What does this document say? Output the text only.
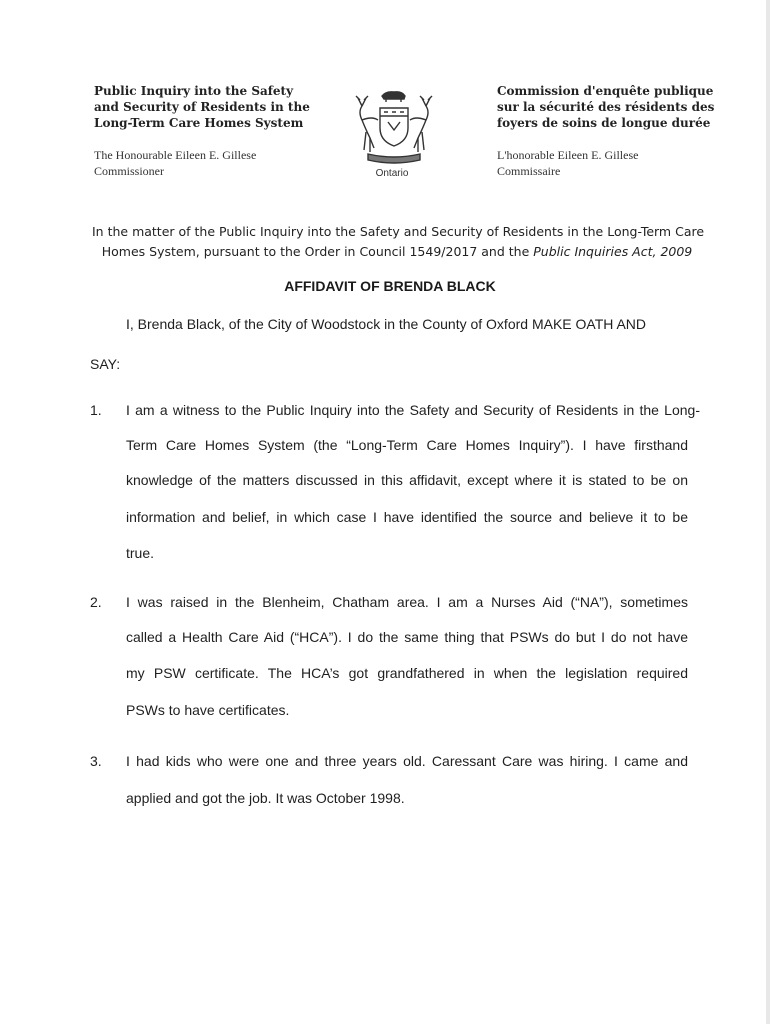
Public Inquiry into the Safety
and Security of Residents in the
Long-Term Care Homes System
The Honourable Eileen E. Gillese
Commissioner	Ontario
Commission d'enquête publique
sur la sécurité des résidents des
foyers de soins de longue durée
L'honorable Eileen E. Gillese
Commissaire
In the matter of the Public Inquiry into the Safety and Security of Residents in the Long-Term Care
Homes System, pursuant to the Order in Council 1549/2017 and the Public Inquiries Act, 2009
AFFIDAVIT OF BRENDA BLACK
I, Brenda Black, of the City of Woodstock in the County of Oxford MAKE OATH AND
SAY:
1. I am a witness to the Public Inquiry into the Safety and Security of Residents in the Long-
Term Care Homes System (the “Long-Term Care Homes Inquiry”). I have firsthand
knowledge of the matters discussed in this affidavit, except where it is stated to be on
information and belief, in which case I have identified the source and believe it to be
true.
2. I was raised in the Blenheim, Chatham area. I am a Nurses Aid (“NA”), sometimes
called a Health Care Aid (“HCA”). I do the same thing that PSWs do but I do not have
my PSW certificate. The HCA’s got grandfathered in when the legislation required
PSWs to have certificates.
3. I had kids who were one and three years old. Caressant Care was hiring. I came and
applied and got the job. It was October 1998.
